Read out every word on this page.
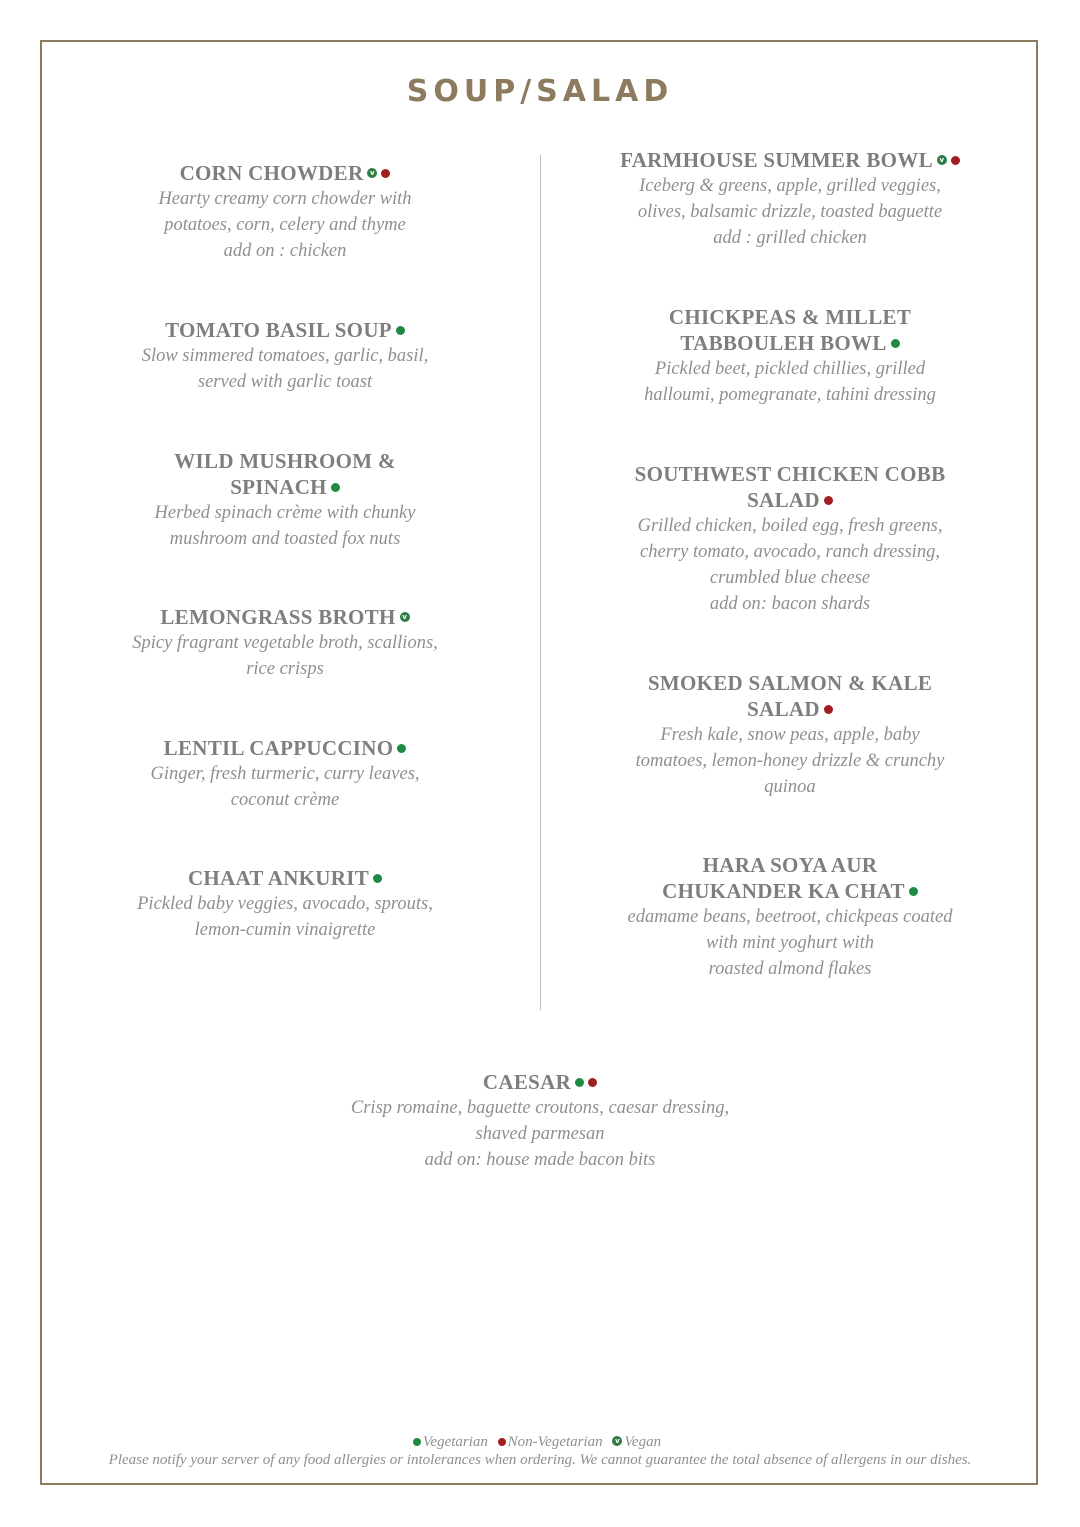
SOUP/SALAD
CORN CHOWDER v
Hearty creamy corn chowder with
potatoes, corn, celery and thyme
add on : chicken
TOMATO BASIL SOUP
Slow simmered tomatoes, garlic, basil,
served with garlic toast
WILD MUSHROOM &
SPINACH
Herbed spinach crème with chunky
mushroom and toasted fox nuts
LEMONGRASS BROTH v
Spicy fragrant vegetable broth, scallions,
rice crisps
LENTIL CAPPUCCINO
Ginger, fresh turmeric, curry leaves,
coconut crème
CHAAT ANKURIT
Pickled baby veggies, avocado, sprouts,
lemon-cumin vinaigrette
FARMHOUSE SUMMER BOWL v
Iceberg & greens, apple, grilled veggies,
olives, balsamic drizzle, toasted baguette
add : grilled chicken
CHICKPEAS & MILLET
TABBOULEH BOWL
Pickled beet, pickled chillies, grilled
halloumi, pomegranate, tahini dressing
SOUTHWEST CHICKEN COBB
SALAD
Grilled chicken, boiled egg, fresh greens,
cherry tomato, avocado, ranch dressing,
crumbled blue cheese
add on: bacon shards
SMOKED SALMON & KALE
SALAD
Fresh kale, snow peas, apple, baby
tomatoes, lemon-honey drizzle & crunchy
quinoa
HARA SOYA AUR
CHUKANDER KA CHAT
edamame beans, beetroot, chickpeas coated
with mint yoghurt with
roasted almond flakes
CAESAR
Crisp romaine, baguette croutons, caesar dressing,
shaved parmesan
add on: house made bacon bits
Vegetarian Non-Vegetarian v Vegan
Please notify your server of any food allergies or intolerances when ordering. We cannot guarantee the total absence of allergens in our dishes.
